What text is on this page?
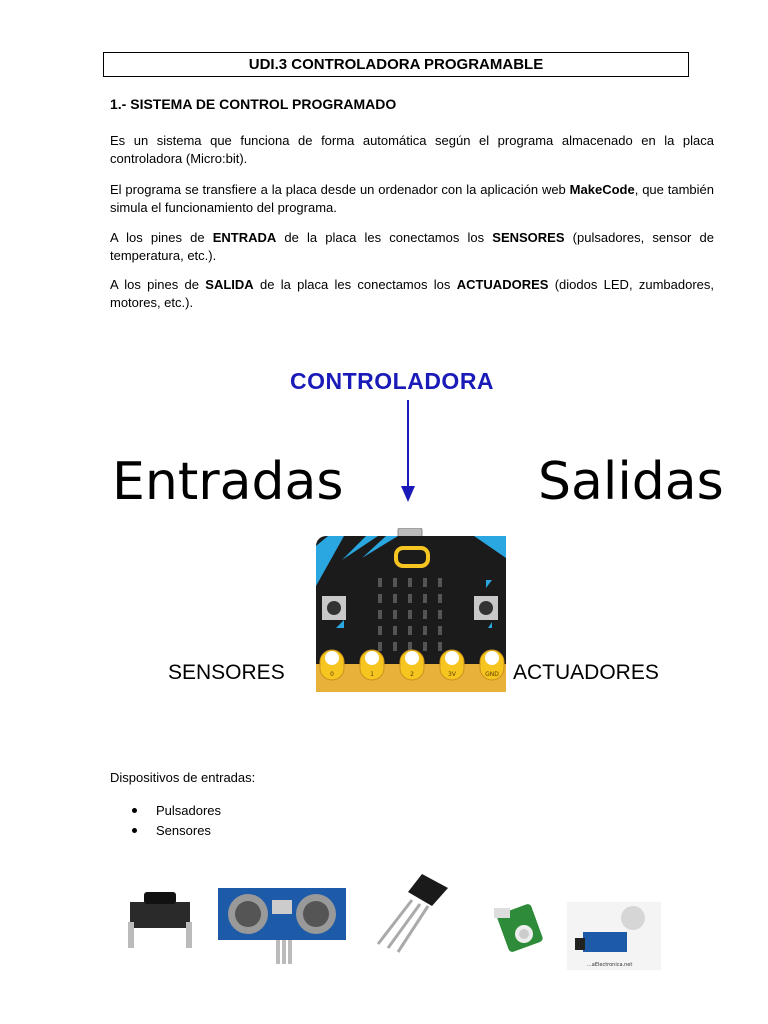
UDI.3 CONTROLADORA PROGRAMABLE
1.- SISTEMA DE CONTROL PROGRAMADO

Es un sistema que funciona de forma automática según el programa almacenado en la placa controladora (Micro:bit).

El programa se transfiere a la placa desde un ordenador con la aplicación web MakeCode, que también simula el funcionamiento del programa.

A los pines de ENTRADA de la placa les conectamos los SENSORES (pulsadores, sensor de temperatura, etc.).

A los pines de SALIDA de la placa les conectamos los ACTUADORES (diodos LED, zumbadores, motores, etc.).

CONTROLADORA
Entradas	Salidas
0	1	2	3V	GND
SENSORES	ACTUADORES
Dispositivos de entradas:
Pulsadores
Sensores
...aElectronica.net
